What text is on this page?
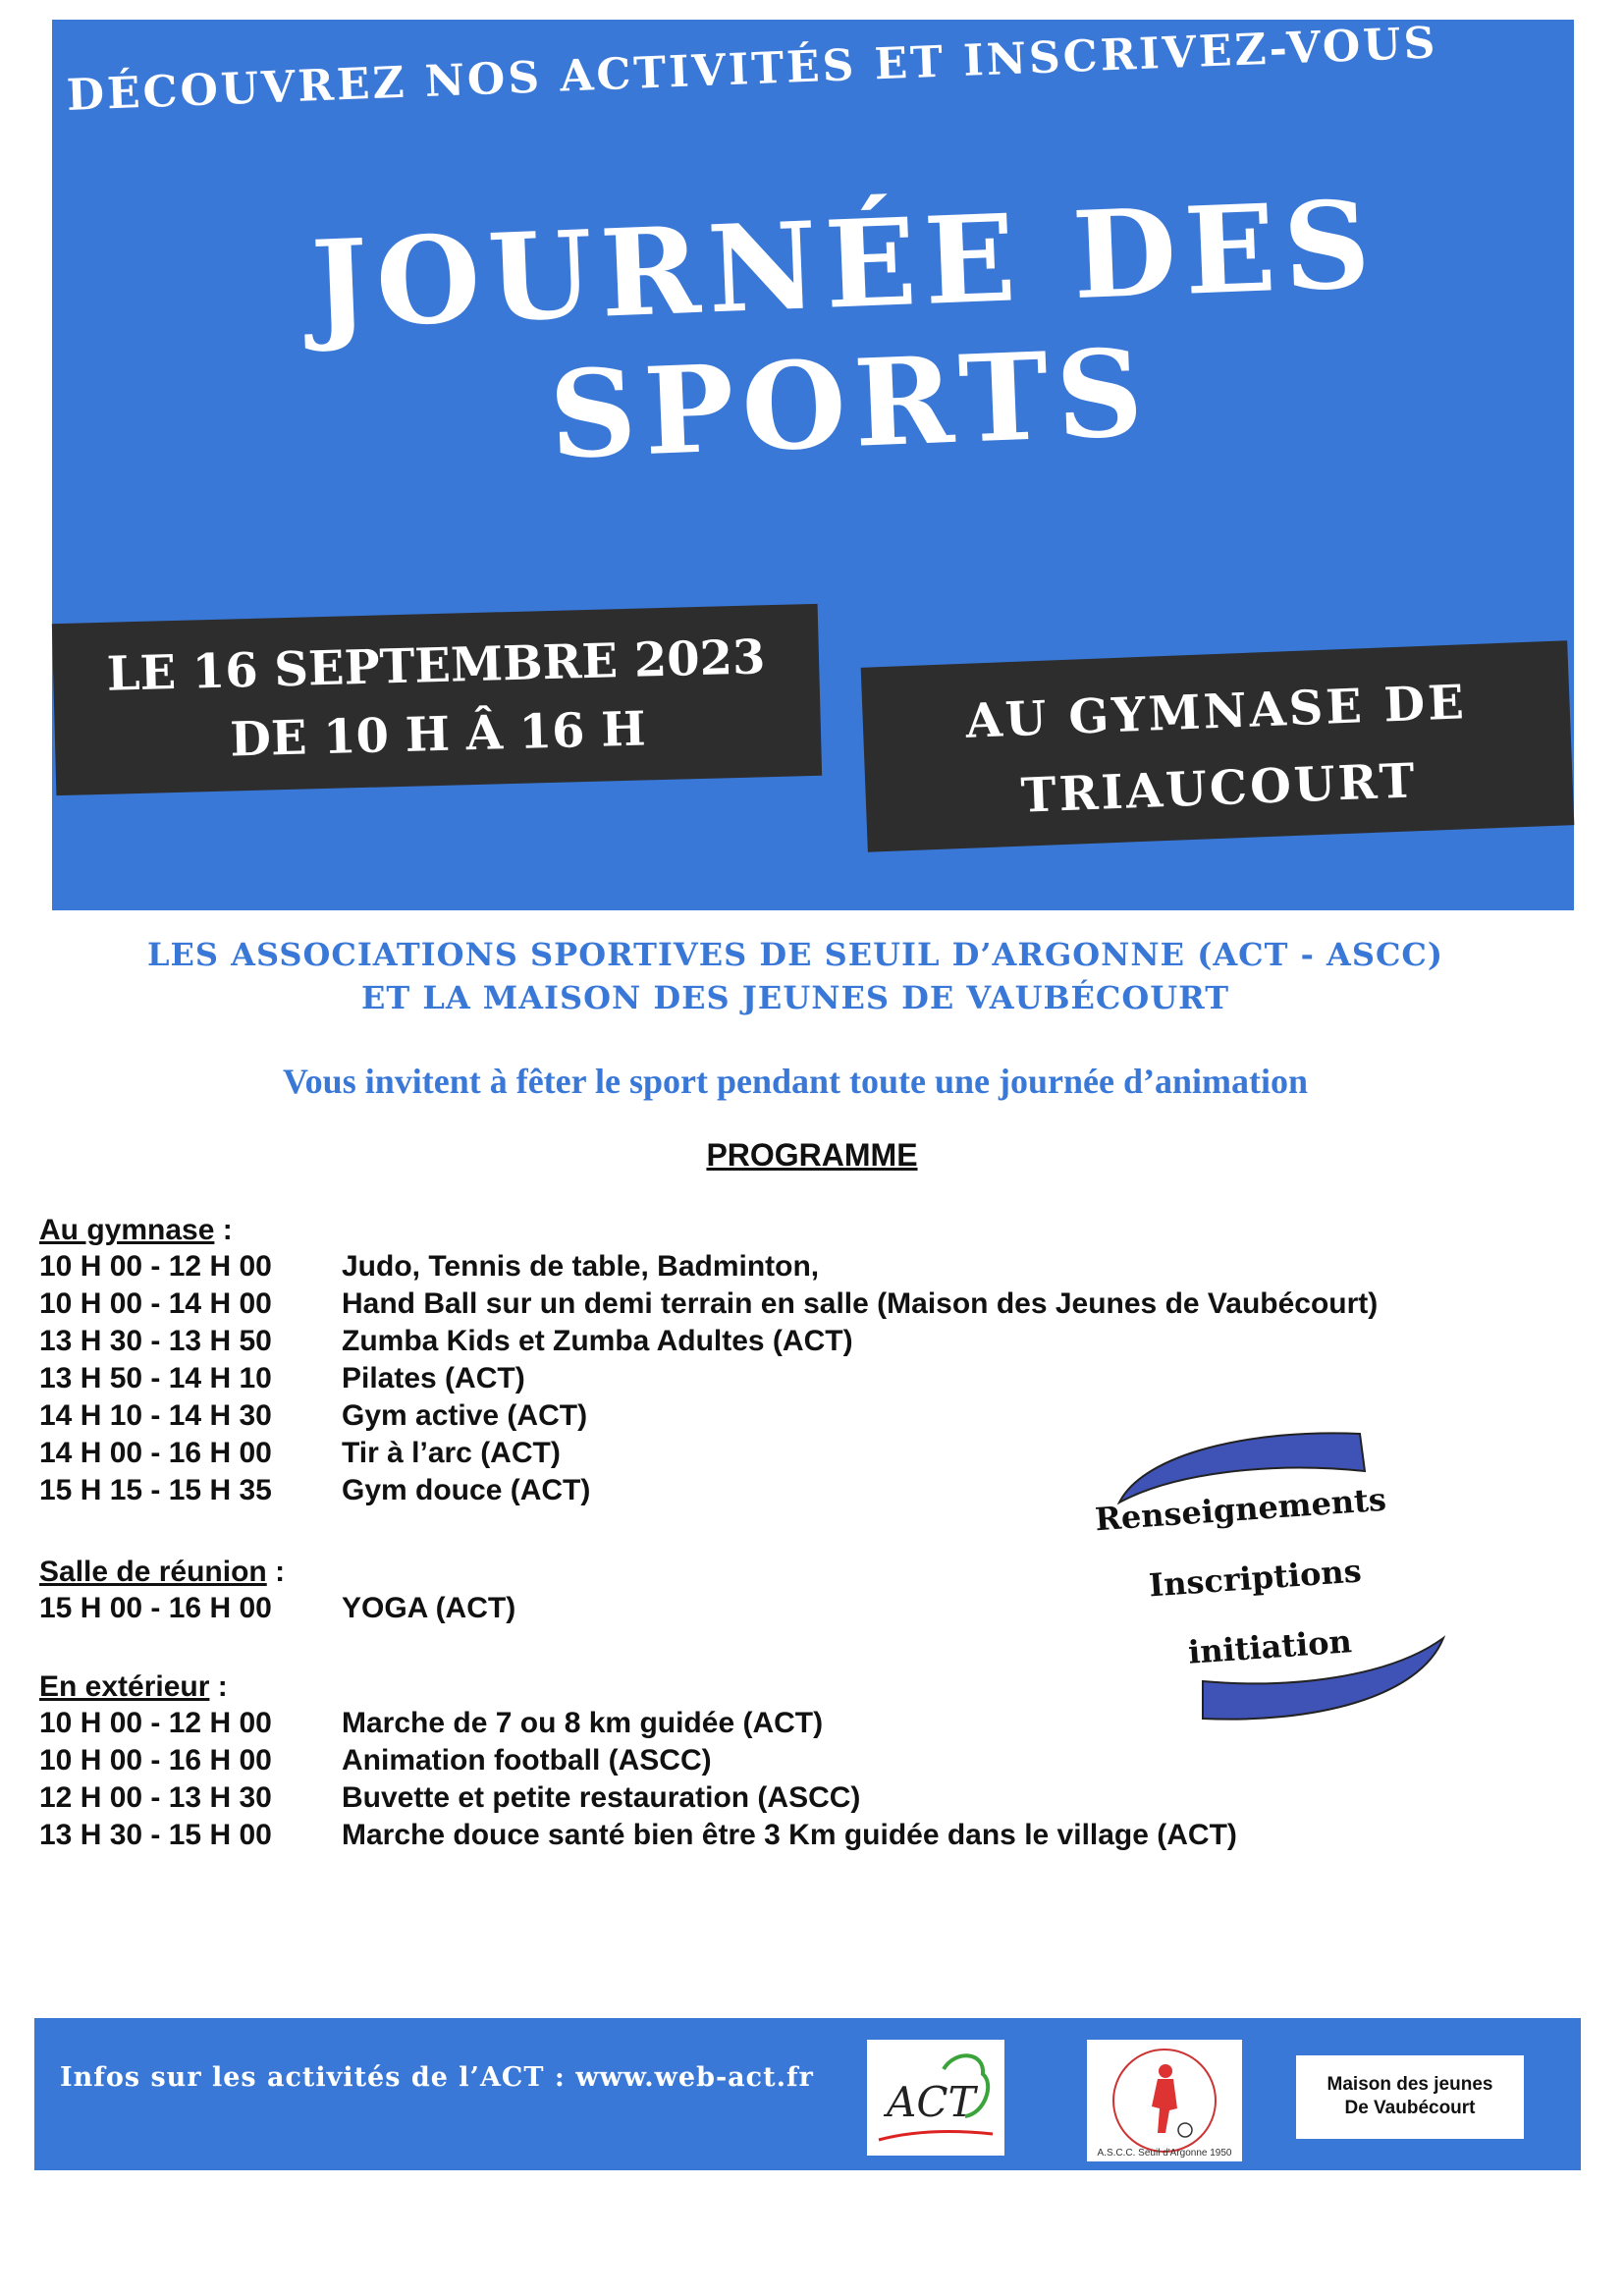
DÉCOUVREZ NOS ACTIVITÉS ET INSCRIVEZ-VOUS
JOURNÉE DES
SPORTS
LE 16 SEPTEMBRE 2023
DE 10 H Â 16 H	AU GYMNASE DE
TRIAUCOURT
LES ASSOCIATIONS SPORTIVES DE SEUIL D’ARGONNE (ACT - ASCC)
ET LA MAISON DES JEUNES DE VAUBÉCOURT
Vous invitent à fêter le sport pendant toute une journée d’animation
PROGRAMME
Au gymnase :
10 H 00 - 12 H 00	Judo, Tennis de table, Badminton,
10 H 00 - 14 H 00	Hand Ball sur un demi terrain en salle (Maison des Jeunes de Vaubécourt)
13 H 30 - 13 H 50	Zumba Kids et Zumba Adultes (ACT)
13 H 50 - 14 H 10	Pilates (ACT)
14 H 10 - 14 H 30	Gym active (ACT)
14 H 00 - 16 H 00	Tir à l’arc (ACT)
15 H 15 - 15 H 35	Gym douce (ACT)
Salle de réunion :
15 H 00 - 16 H 00	YOGA (ACT)
En extérieur :
10 H 00 - 12 H 00	Marche de 7 ou 8 km guidée (ACT)
10 H 00 - 16 H 00	Animation football (ASCC)
12 H 00 - 13 H 30	Buvette et petite restauration (ASCC)
13 H 30 - 15 H 00	Marche douce santé bien être 3 Km guidée dans le village (ACT)
Renseignements
Inscriptions
initiation
Infos sur les activités de l’ACT : www.web-act.fr
ACT
A.S.C.C. Seuil d'Argonne 1950
Maison des jeunes
De Vaubécourt
